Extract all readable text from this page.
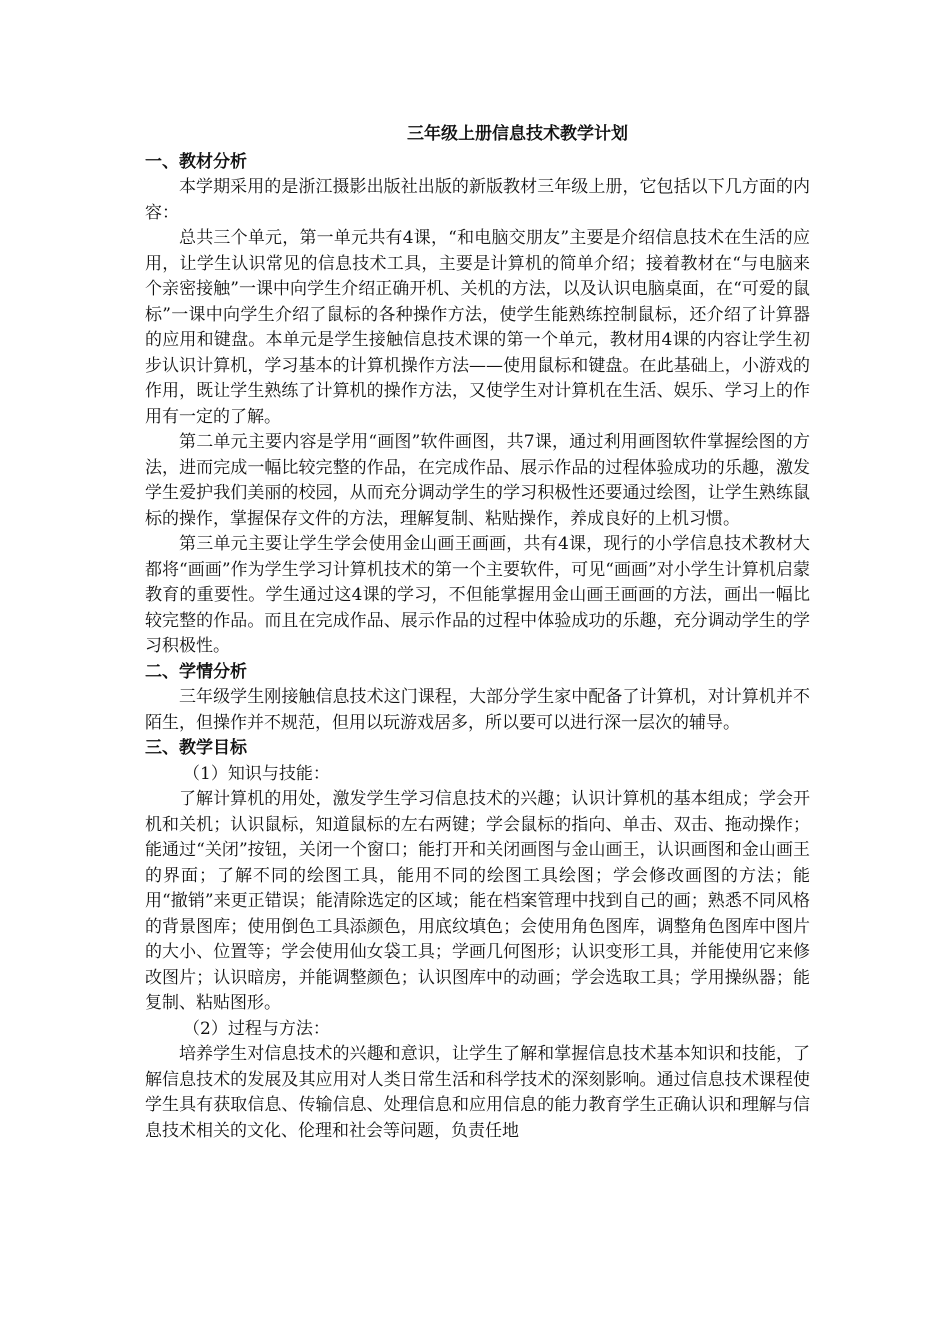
三年级上册信息技术教学计划

一、教材分析

本学期采用的是浙江摄影出版社出版的新版教材三年级上册，它包括以下几方面的内容：

总共三个单元，第一单元共有4课，“和电脑交朋友”主要是介绍信息技术在生活的应用，让学生认识常见的信息技术工具，主要是计算机的简单介绍；接着教材在“与电脑来个亲密接触”一课中向学生介绍正确开机、关机的方法，以及认识电脑桌面，在“可爱的鼠标”一课中向学生介绍了鼠标的各种操作方法，使学生能熟练控制鼠标，还介绍了计算器的应用和键盘。本单元是学生接触信息技术课的第一个单元，教材用4课的内容让学生初步认识计算机，学习基本的计算机操作方法——使用鼠标和键盘。在此基础上，小游戏的作用，既让学生熟练了计算机的操作方法，又使学生对计算机在生活、娱乐、学习上的作用有一定的了解。

第二单元主要内容是学用“画图”软件画图，共7课，通过利用画图软件掌握绘图的方法，进而完成一幅比较完整的作品，在完成作品、展示作品的过程体验成功的乐趣，激发学生爱护我们美丽的校园，从而充分调动学生的学习积极性还要通过绘图，让学生熟练鼠标的操作，掌握保存文件的方法，理解复制、粘贴操作，养成良好的上机习惯。

第三单元主要让学生学会使用金山画王画画，共有4课，现行的小学信息技术教材大都将“画画”作为学生学习计算机技术的第一个主要软件，可见“画画”对小学生计算机启蒙教育的重要性。学生通过这4课的学习，不但能掌握用金山画王画画的方法，画出一幅比较完整的作品。而且在完成作品、展示作品的过程中体验成功的乐趣，充分调动学生的学习积极性。

二、学情分析

三年级学生刚接触信息技术这门课程，大部分学生家中配备了计算机，对计算机并不陌生，但操作并不规范，但用以玩游戏居多，所以要可以进行深一层次的辅导。

三、教学目标

（1）知识与技能：

了解计算机的用处，激发学生学习信息技术的兴趣；认识计算机的基本组成；学会开机和关机；认识鼠标，知道鼠标的左右两键；学会鼠标的指向、单击、双击、拖动操作；能通过“关闭”按钮，关闭一个窗口；能打开和关闭画图与金山画王，认识画图和金山画王的界面；了解不同的绘图工具，能用不同的绘图工具绘图；学会修改画图的方法；能用“撤销”来更正错误；能清除选定的区域；能在档案管理中找到自己的画；熟悉不同风格的背景图库；使用倒色工具添颜色，用底纹填色；会使用角色图库，调整角色图库中图片的大小、位置等；学会使用仙女袋工具；学画几何图形；认识变形工具，并能使用它来修改图片；认识暗房，并能调整颜色；认识图库中的动画；学会选取工具；学用操纵器；能复制、粘贴图形。

（2）过程与方法：

培养学生对信息技术的兴趣和意识，让学生了解和掌握信息技术基本知识和技能，了解信息技术的发展及其应用对人类日常生活和科学技术的深刻影响。通过信息技术课程使学生具有获取信息、传输信息、处理信息和应用信息的能力教育学生正确认识和理解与信息技术相关的文化、伦理和社会等问题，负责任地
